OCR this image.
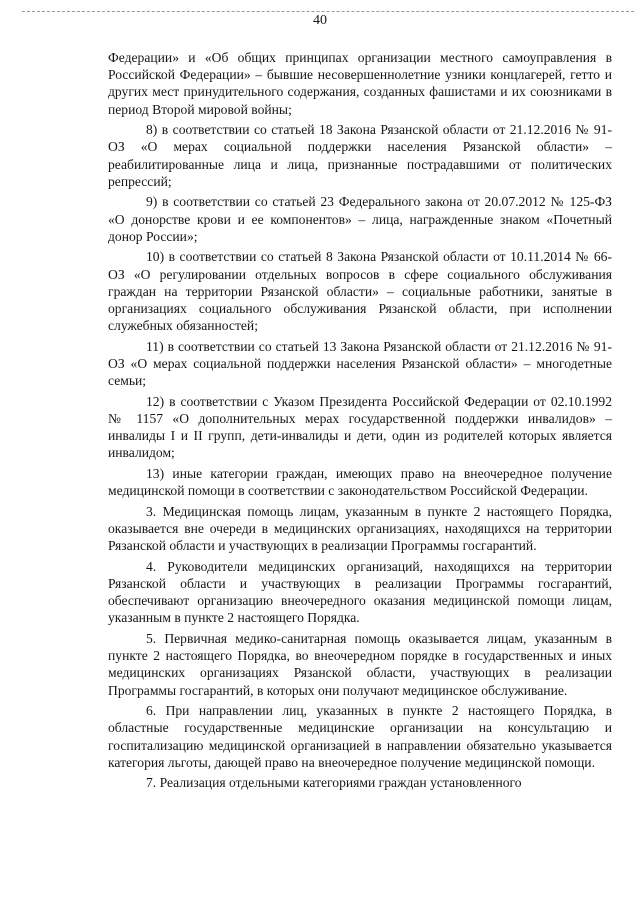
40

Федерации» и «Об общих принципах организации местного самоуправления в Российской Федерации» – бывшие несовершеннолетние узники концлагерей, гетто и других мест принудительного содержания, созданных фашистами и их союзниками в период Второй мировой войны;

8) в соответствии со статьей 18 Закона Рязанской области от 21.12.2016 № 91-ОЗ «О мерах социальной поддержки населения Рязанской области» – реабилитированные лица и лица, признанные пострадавшими от политических репрессий;

9) в соответствии со статьей 23 Федерального закона от 20.07.2012 № 125-ФЗ «О донорстве крови и ее компонентов» – лица, награжденные знаком «Почетный донор России»;

10) в соответствии со статьей 8 Закона Рязанской области от 10.11.2014 № 66-ОЗ «О регулировании отдельных вопросов в сфере социального обслуживания граждан на территории Рязанской области» – социальные работники, занятые в организациях социального обслуживания Рязанской области, при исполнении служебных обязанностей;

11) в соответствии со статьей 13 Закона Рязанской области от 21.12.2016 № 91-ОЗ «О мерах социальной поддержки населения Рязанской области» – многодетные семьи;

12) в соответствии с Указом Президента Российской Федерации от 02.10.1992 № 1157 «О дополнительных мерах государственной поддержки инвалидов» – инвалиды I и II групп, дети-инвалиды и дети, один из родителей которых является инвалидом;

13) иные категории граждан, имеющих право на внеочередное получение медицинской помощи в соответствии с законодательством Российской Федерации.

3. Медицинская помощь лицам, указанным в пункте 2 настоящего Порядка, оказывается вне очереди в медицинских организациях, находящихся на территории Рязанской области и участвующих в реализации Программы госгарантий.

4. Руководители медицинских организаций, находящихся на территории Рязанской области и участвующих в реализации Программы госгарантий, обеспечивают организацию внеочередного оказания медицинской помощи лицам, указанным в пункте 2 настоящего Порядка.

5. Первичная медико-санитарная помощь оказывается лицам, указанным в пункте 2 настоящего Порядка, во внеочередном порядке в государственных и иных медицинских организациях Рязанской области, участвующих в реализации Программы госгарантий, в которых они получают медицинское обслуживание.

6. При направлении лиц, указанных в пункте 2 настоящего Порядка, в областные государственные медицинские организации на консультацию и госпитализацию медицинской организацией в направлении обязательно указывается категория льготы, дающей право на внеочередное получение медицинской помощи.

7. Реализация отдельными категориями граждан установленного
